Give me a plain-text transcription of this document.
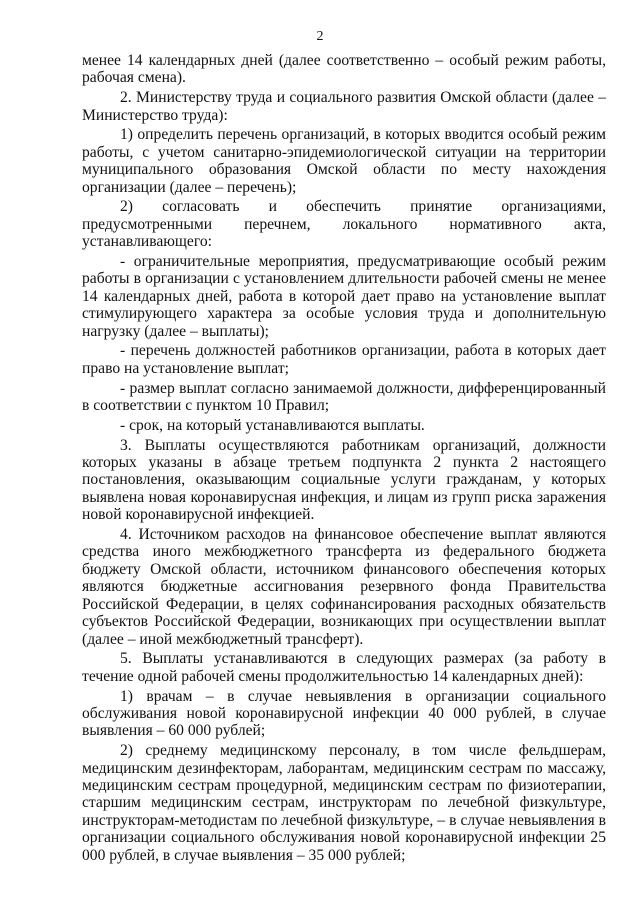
2

менее 14 календарных дней (далее соответственно – особый режим работы, рабочая смена).

2. Министерству труда и социального развития Омской области (далее – Министерство труда):

1) определить перечень организаций, в которых вводится особый режим работы, с учетом санитарно-эпидемиологической ситуации на территории муниципального образования Омской области по месту нахождения организации (далее – перечень);

2) согласовать и обеспечить принятие организациями, предусмотренными перечнем, локального нормативного акта, устанавливающего:

- ограничительные мероприятия, предусматривающие особый режим работы в организации с установлением длительности рабочей смены не менее 14 календарных дней, работа в которой дает право на установление выплат стимулирующего характера за особые условия труда и дополнительную нагрузку (далее – выплаты);

- перечень должностей работников организации, работа в которых дает право на установление выплат;

- размер выплат согласно занимаемой должности, дифференцированный в соответствии с пунктом 10 Правил;

- срок, на который устанавливаются выплаты.

3. Выплаты осуществляются работникам организаций, должности которых указаны в абзаце третьем подпункта 2 пункта 2 настоящего постановления, оказывающим социальные услуги гражданам, у которых выявлена новая коронавирусная инфекция, и лицам из групп риска заражения новой коронавирусной инфекцией.

4. Источником расходов на финансовое обеспечение выплат являются средства иного межбюджетного трансферта из федерального бюджета бюджету Омской области, источником финансового обеспечения которых являются бюджетные ассигнования резервного фонда Правительства Российской Федерации, в целях софинансирования расходных обязательств субъектов Российской Федерации, возникающих при осуществлении выплат (далее – иной межбюджетный трансферт).

5. Выплаты устанавливаются в следующих размерах (за работу в течение одной рабочей смены продолжительностью 14 календарных дней):

1) врачам – в случае невыявления в организации социального обслуживания новой коронавирусной инфекции 40 000 рублей, в случае выявления – 60 000 рублей;

2) среднему медицинскому персоналу, в том числе фельдшерам, медицинским дезинфекторам, лаборантам, медицинским сестрам по массажу, медицинским сестрам процедурной, медицинским сестрам по физиотерапии, старшим медицинским сестрам, инструкторам по лечебной физкультуре, инструкторам-методистам по лечебной физкультуре, – в случае невыявления в организации социального обслуживания новой коронавирусной инфекции 25 000 рублей, в случае выявления – 35 000 рублей;
